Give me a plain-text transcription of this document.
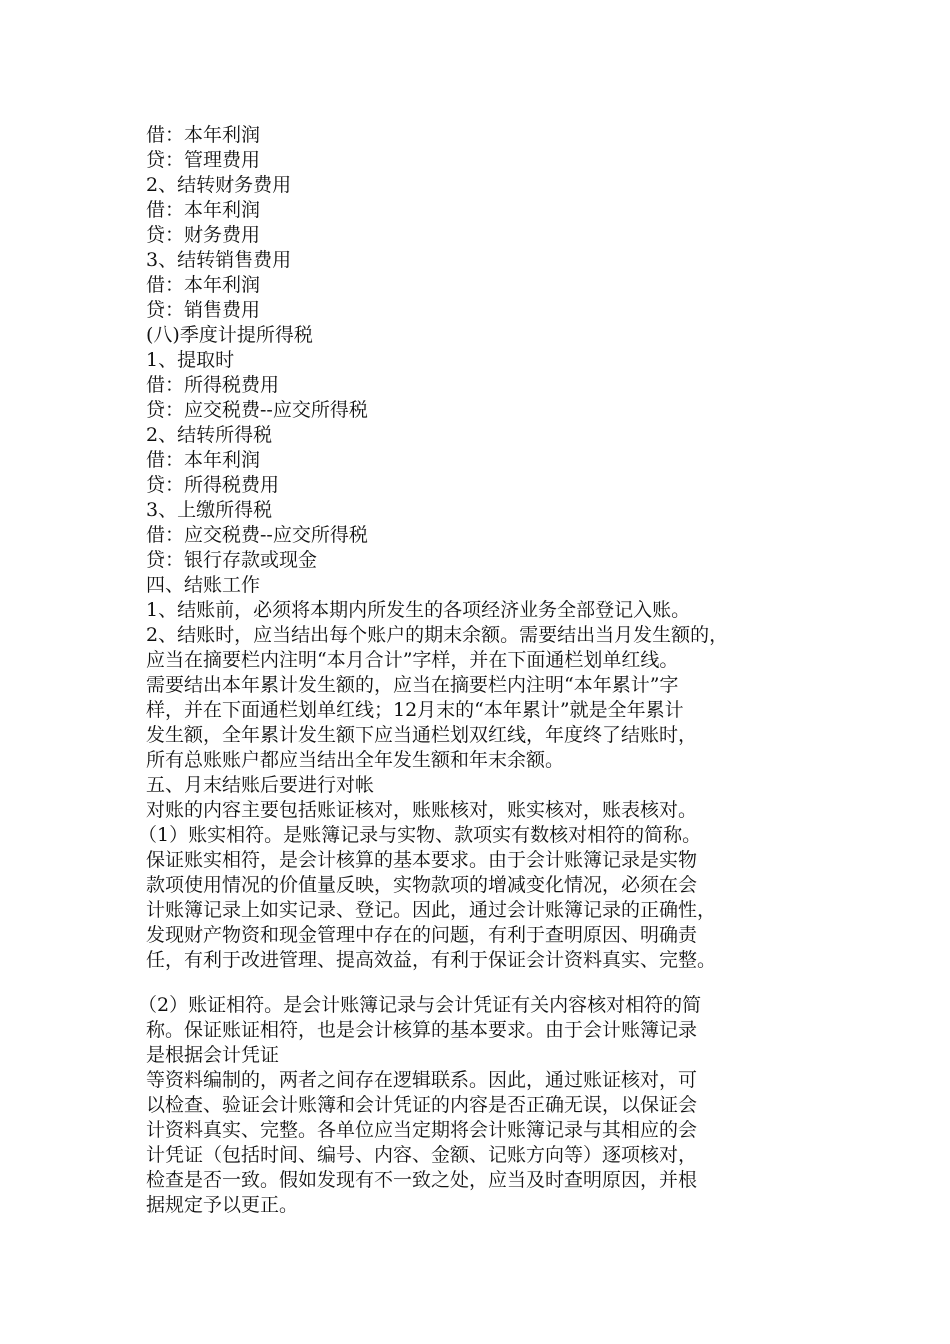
借：本年利润
贷：管理费用
2、结转财务费用
借：本年利润
贷：财务费用
3、结转销售费用
借：本年利润
贷：销售费用
(八)季度计提所得税
1、提取时
借：所得税费用
贷：应交税费--应交所得税
2、结转所得税
借：本年利润
贷：所得税费用
3、上缴所得税
借：应交税费--应交所得税
贷：银行存款或现金
四、结账工作
1、结账前，必须将本期内所发生的各项经济业务全部登记入账。
2、结账时，应当结出每个账户的期末余额。需要结出当月发生额的，
应当在摘要栏内注明“本月合计”字样，并在下面通栏划单红线。
需要结出本年累计发生额的，应当在摘要栏内注明“本年累计”字
样，并在下面通栏划单红线；12月末的“本年累计”就是全年累计
发生额，全年累计发生额下应当通栏划双红线，年度终了结账时，
所有总账账户都应当结出全年发生额和年末余额。
五、月末结账后要进行对帐
对账的内容主要包括账证核对，账账核对，账实核对，账表核对。
（1）账实相符。是账簿记录与实物、款项实有数核对相符的简称。
保证账实相符，是会计核算的基本要求。由于会计账簿记录是实物
款项使用情况的价值量反映，实物款项的增减变化情况，必须在会
计账簿记录上如实记录、登记。因此，通过会计账簿记录的正确性，
发现财产物资和现金管理中存在的问题，有利于查明原因、明确责
任，有利于改进管理、提高效益，有利于保证会计资料真实、完整。
（2）账证相符。是会计账簿记录与会计凭证有关内容核对相符的简
称。保证账证相符，也是会计核算的基本要求。由于会计账簿记录
是根据会计凭证
等资料编制的，两者之间存在逻辑联系。因此，通过账证核对，可
以检查、验证会计账簿和会计凭证的内容是否正确无误，以保证会
计资料真实、完整。各单位应当定期将会计账簿记录与其相应的会
计凭证（包括时间、编号、内容、金额、记账方向等）逐项核对，
检查是否一致。假如发现有不一致之处，应当及时查明原因，并根
据规定予以更正。
